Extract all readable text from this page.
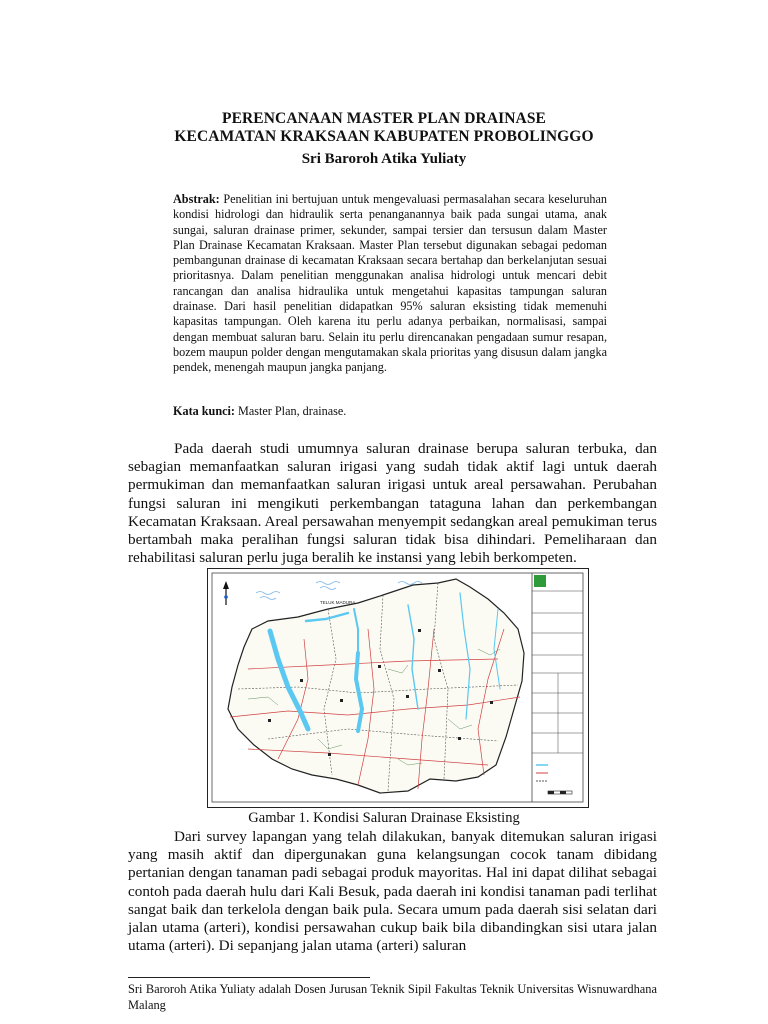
PERENCANAAN MASTER PLAN DRAINASE
KECAMATAN KRAKSAAN KABUPATEN PROBOLINGGO
Sri Baroroh Atika Yuliaty
Abstrak: Penelitian ini bertujuan untuk mengevaluasi permasalahan secara keseluruhan kondisi hidrologi dan hidraulik serta penanganannya baik pada sungai utama, anak sungai, saluran drainase primer, sekunder, sampai tersier dan tersusun dalam Master Plan Drainase Kecamatan Kraksaan. Master Plan tersebut digunakan sebagai pedoman pembangunan drainase di kecamatan Kraksaan secara bertahap dan berkelanjutan sesuai prioritasnya. Dalam penelitian menggunakan analisa hidrologi untuk mencari debit rancangan dan analisa hidraulika untuk mengetahui kapasitas tampungan saluran drainase. Dari hasil penelitian didapatkan 95% saluran eksisting tidak memenuhi kapasitas tampungan. Oleh karena itu perlu adanya perbaikan, normalisasi, sampai dengan membuat saluran baru. Selain itu perlu direncanakan pengadaan sumur resapan, bozem maupun polder dengan mengutamakan skala prioritas yang disusun dalam jangka pendek, menengah maupun jangka panjang.
Kata kunci: Master Plan, drainase.
Pada daerah studi umumnya saluran drainase berupa saluran terbuka, dan sebagian memanfaatkan saluran irigasi yang sudah tidak aktif lagi untuk daerah permukiman dan memanfaatkan saluran irigasi untuk areal persawahan. Perubahan fungsi saluran ini mengikuti perkembangan tataguna lahan dan perkembangan Kecamatan Kraksaan. Areal persawahan menyempit sedangkan areal pemukiman terus bertambah maka peralihan fungsi saluran tidak bisa dihindari. Pemeliharaan dan rehabilitasi saluran perlu juga beralih ke instansi yang lebih berkompeten.
TELUK MADURA
Gambar 1. Kondisi Saluran Drainase Eksisting
Dari survey lapangan yang telah dilakukan, banyak ditemukan saluran irigasi yang masih aktif dan dipergunakan guna kelangsungan cocok tanam dibidang pertanian dengan tanaman padi sebagai produk mayoritas. Hal ini dapat dilihat sebagai contoh pada daerah hulu dari Kali Besuk, pada daerah ini kondisi tanaman padi terlihat sangat baik dan terkelola dengan baik pula. Secara umum pada daerah sisi selatan dari jalan utama (arteri), kondisi persawahan cukup baik bila dibandingkan sisi utara jalan utama (arteri). Di sepanjang jalan utama (arteri) saluran
Sri Baroroh Atika Yuliaty adalah Dosen Jurusan Teknik Sipil Fakultas Teknik Universitas Wisnuwardhana Malang
